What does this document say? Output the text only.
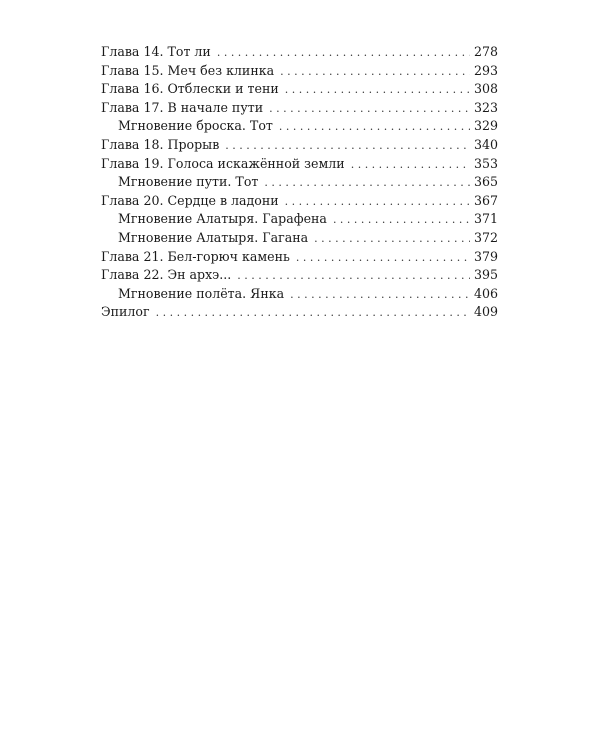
Глава 14. Тот ли . . .	278
Глава 15. Меч без клинка . . .	293
Глава 16. Отблески и тени . . .	308
Глава 17. В начале пути . . .	323
Мгновение броска. Тот . . .	329
Глава 18. Прорыв . . .	340
Глава 19. Голоса искажённой земли . . .	353
Мгновение пути. Тот . . .	365
Глава 20. Сердце в ладони . . .	367
Мгновение Алатыря. Гарафена . . .	371
Мгновение Алатыря. Гагана . . .	372
Глава 21. Бел-горюч камень . . .	379
Глава 22. Эн архэ... . . .	395
Мгновение полёта. Янка . . .	406
Эпилог . . .	409
